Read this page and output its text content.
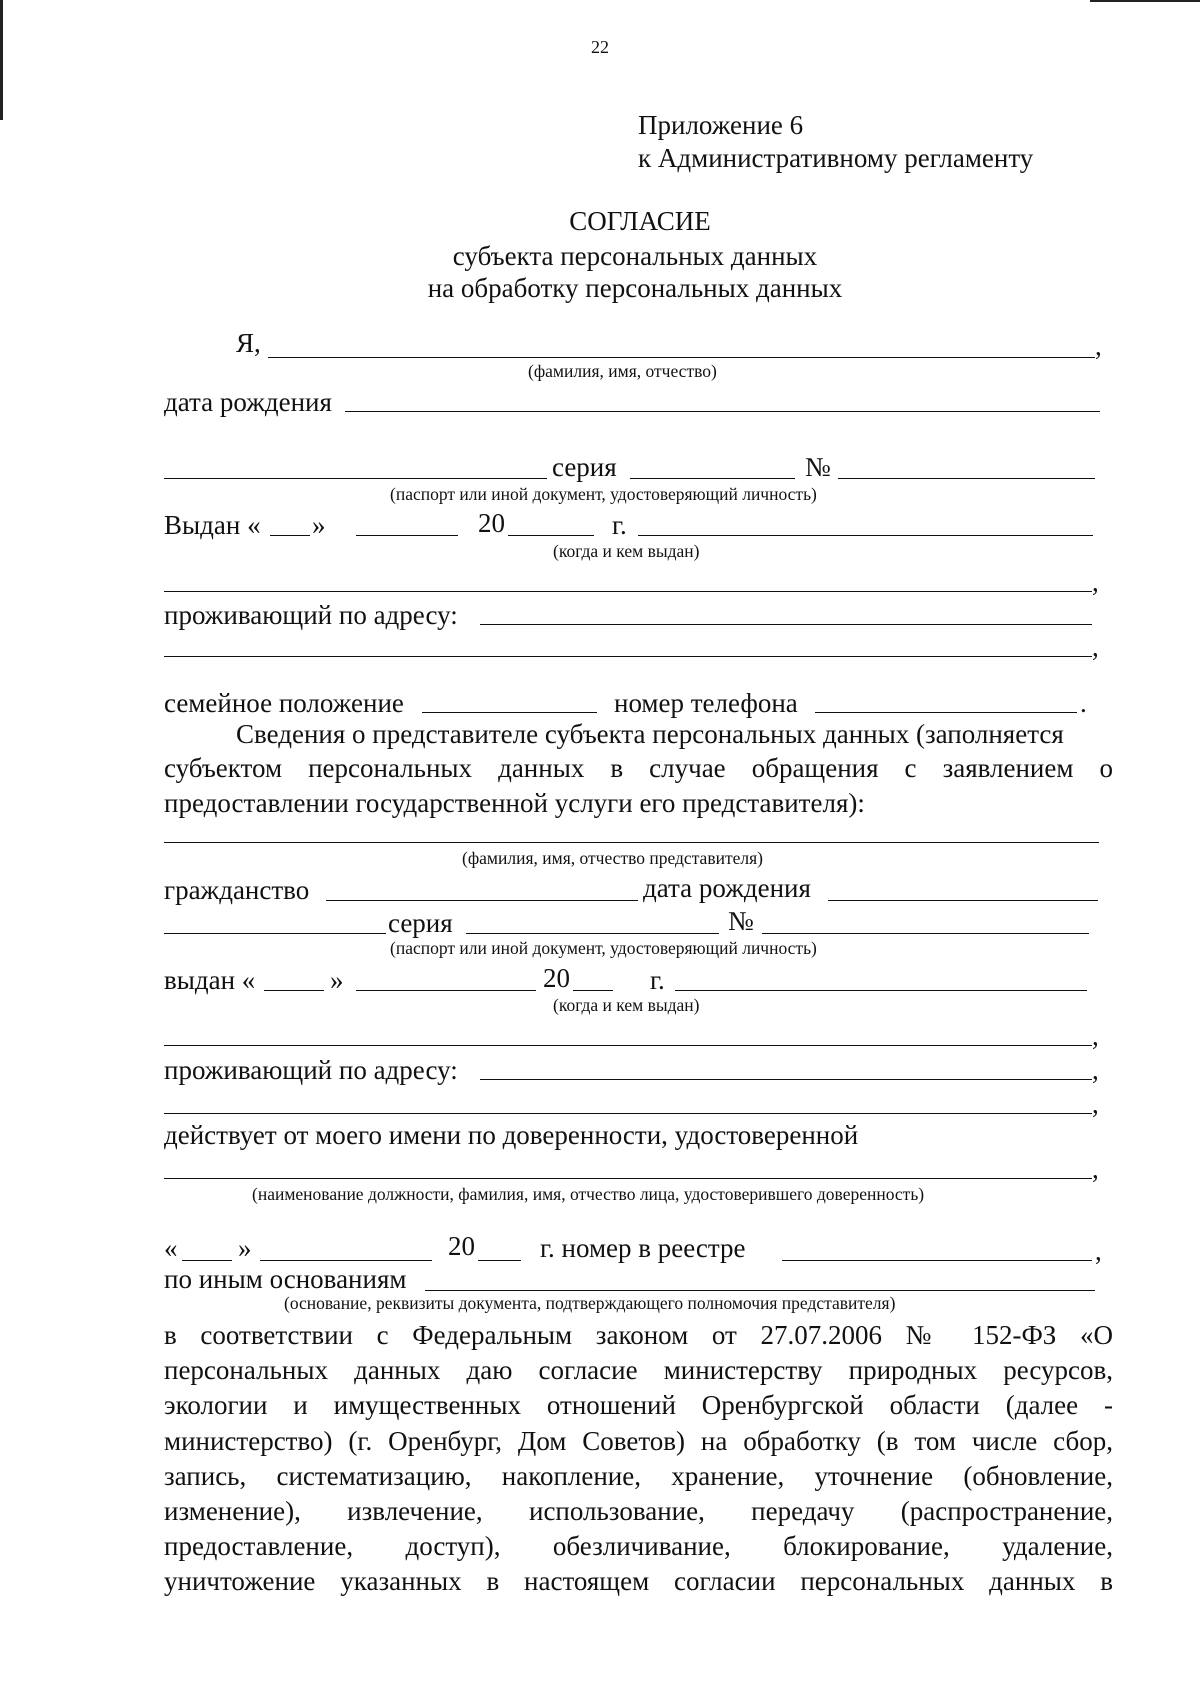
22
Приложение 6
к Административному регламенту
СОГЛАСИЕ
субъекта персональных данных
на обработку персональных данных
Я,	,
(фамилия, имя, отчество)
дата рождения
серия	№
(паспорт или иной документ, удостоверяющий личность)
Выдан « »	20	г.
(когда и кем выдан)
,
проживающий по адресу:
,
семейное положение	номер телефона	.
Сведения о представителе субъекта персональных данных (заполняется
субъектом персональных данных в случае обращения с заявлением о
предоставлении государственной услуги его представителя):
(фамилия, имя, отчество представителя)
гражданство	дата рождения
серия	№
(паспорт или иной документ, удостоверяющий личность)
выдан «	»	20	г.
(когда и кем выдан)
,
проживающий по адресу:	,
,
действует от моего имени по доверенности, удостоверенной
,
(наименование должности, фамилия, имя, отчество лица, удостоверившего доверенность)
« »	20 г. номер в реестре	,
по иным основаниям
(основание, реквизиты документа, подтверждающего полномочия представителя)
в соответствии с Федеральным законом от 27.07.2006 № 152-ФЗ «О
персональных данных даю согласие министерству природных ресурсов,
экологии и имущественных отношений Оренбургской области (далее -
министерство) (г. Оренбург, Дом Советов) на обработку (в том числе сбор,
запись, систематизацию, накопление, хранение, уточнение (обновление,
изменение), извлечение, использование, передачу (распространение,
предоставление, доступ), обезличивание, блокирование, удаление,
уничтожение указанных в настоящем согласии персональных данных в
